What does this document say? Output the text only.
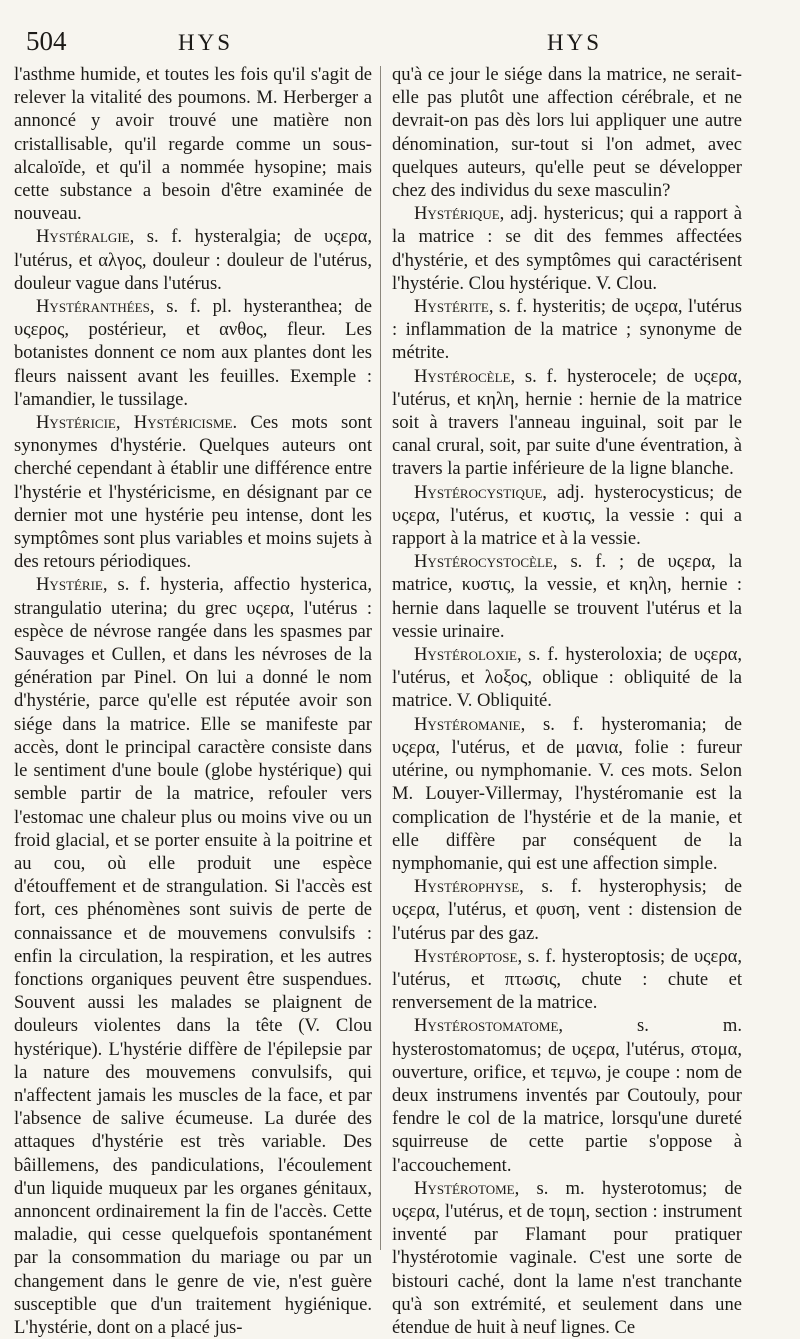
504	HYS	HYS

l'asthme humide, et toutes les fois qu'il s'agit de relever la vitalité des poumons. M. Herberger a annoncé y avoir trouvé une matière non cristallisable, qu'il regarde comme un sous-alcaloïde, et qu'il a nommée hysopine; mais cette substance a besoin d'être examinée de nouveau.

Hystéralgie, s. f. hysteralgia; de υςερα, l'utérus, et αλγος, douleur : douleur de l'utérus, douleur vague dans l'utérus.

Hystéranthées, s. f. pl. hysteranthea; de υςερος, postérieur, et ανθος, fleur. Les botanistes donnent ce nom aux plantes dont les fleurs naissent avant les feuilles. Exemple : l'amandier, le tussilage.

Hystéricie, Hystéricisme. Ces mots sont synonymes d'hystérie. Quelques auteurs ont cherché cependant à établir une différence entre l'hystérie et l'hystéricisme, en désignant par ce dernier mot une hystérie peu intense, dont les symptômes sont plus variables et moins sujets à des retours périodiques.

Hystérie, s. f. hysteria, affectio hysterica, strangulatio uterina; du grec υςερα, l'utérus : espèce de névrose rangée dans les spasmes par Sauvages et Cullen, et dans les névroses de la génération par Pinel. On lui a donné le nom d'hystérie, parce qu'elle est réputée avoir son siége dans la matrice. Elle se manifeste par accès, dont le principal caractère consiste dans le sentiment d'une boule (globe hystérique) qui semble partir de la matrice, refouler vers l'estomac une chaleur plus ou moins vive ou un froid glacial, et se porter ensuite à la poitrine et au cou, où elle produit une espèce d'étouffement et de strangulation. Si l'accès est fort, ces phénomènes sont suivis de perte de connaissance et de mouvemens convulsifs : enfin la circulation, la respiration, et les autres fonctions organiques peuvent être suspendues. Souvent aussi les malades se plaignent de douleurs violentes dans la tête (V. Clou hystérique). L'hystérie diffère de l'épilepsie par la nature des mouvemens convulsifs, qui n'affectent jamais les muscles de la face, et par l'absence de salive écumeuse. La durée des attaques d'hystérie est très variable. Des bâillemens, des pandiculations, l'écoulement d'un liquide muqueux par les organes génitaux, annoncent ordinairement la fin de l'accès. Cette maladie, qui cesse quelquefois spontanément par la consommation du mariage ou par un changement dans le genre de vie, n'est guère susceptible que d'un traitement hygiénique. L'hystérie, dont on a placé jus-

qu'à ce jour le siége dans la matrice, ne serait-elle pas plutôt une affection cérébrale, et ne devrait-on pas dès lors lui appliquer une autre dénomination, sur-tout si l'on admet, avec quelques auteurs, qu'elle peut se développer chez des individus du sexe masculin?

Hystérique, adj. hystericus; qui a rapport à la matrice : se dit des femmes affectées d'hystérie, et des symptômes qui caractérisent l'hystérie. Clou hystérique. V. Clou.

Hystérite, s. f. hysteritis; de υςερα, l'utérus : inflammation de la matrice ; synonyme de métrite.

Hystérocèle, s. f. hysterocele; de υςερα, l'utérus, et κηλη, hernie : hernie de la matrice soit à travers l'anneau inguinal, soit par le canal crural, soit, par suite d'une éventration, à travers la partie inférieure de la ligne blanche.

Hystérocystique, adj. hysterocysticus; de υςερα, l'utérus, et κυστις, la vessie : qui a rapport à la matrice et à la vessie.

Hystérocystocèle, s. f. ; de υςερα, la matrice, κυστις, la vessie, et κηλη, hernie : hernie dans laquelle se trouvent l'utérus et la vessie urinaire.

Hystéroloxie, s. f. hysteroloxia; de υςερα, l'utérus, et λοξος, oblique : obliquité de la matrice. V. Obliquité.

Hystéromanie, s. f. hysteromania; de υςερα, l'utérus, et de μανια, folie : fureur utérine, ou nymphomanie. V. ces mots. Selon M. Louyer-Villermay, l'hystéromanie est la complication de l'hystérie et de la manie, et elle diffère par conséquent de la nymphomanie, qui est une affection simple.

Hystérophyse, s. f. hysterophysis; de υςερα, l'utérus, et φυση, vent : distension de l'utérus par des gaz.

Hystéroptose, s. f. hysteroptosis; de υςερα, l'utérus, et πτωσις, chute : chute et renversement de la matrice.

Hystérostomatome, s. m. hysterostomatomus; de υςερα, l'utérus, στομα, ouverture, orifice, et τεμνω, je coupe : nom de deux instrumens inventés par Coutouly, pour fendre le col de la matrice, lorsqu'une dureté squirreuse de cette partie s'oppose à l'accouchement.

Hystérotome, s. m. hysterotomus; de υςερα, l'utérus, et de τομη, section : instrument inventé par Flamant pour pratiquer l'hystérotomie vaginale. C'est une sorte de bistouri caché, dont la lame n'est tranchante qu'à son extrémité, et seulement dans une étendue de huit à neuf lignes. Ce
